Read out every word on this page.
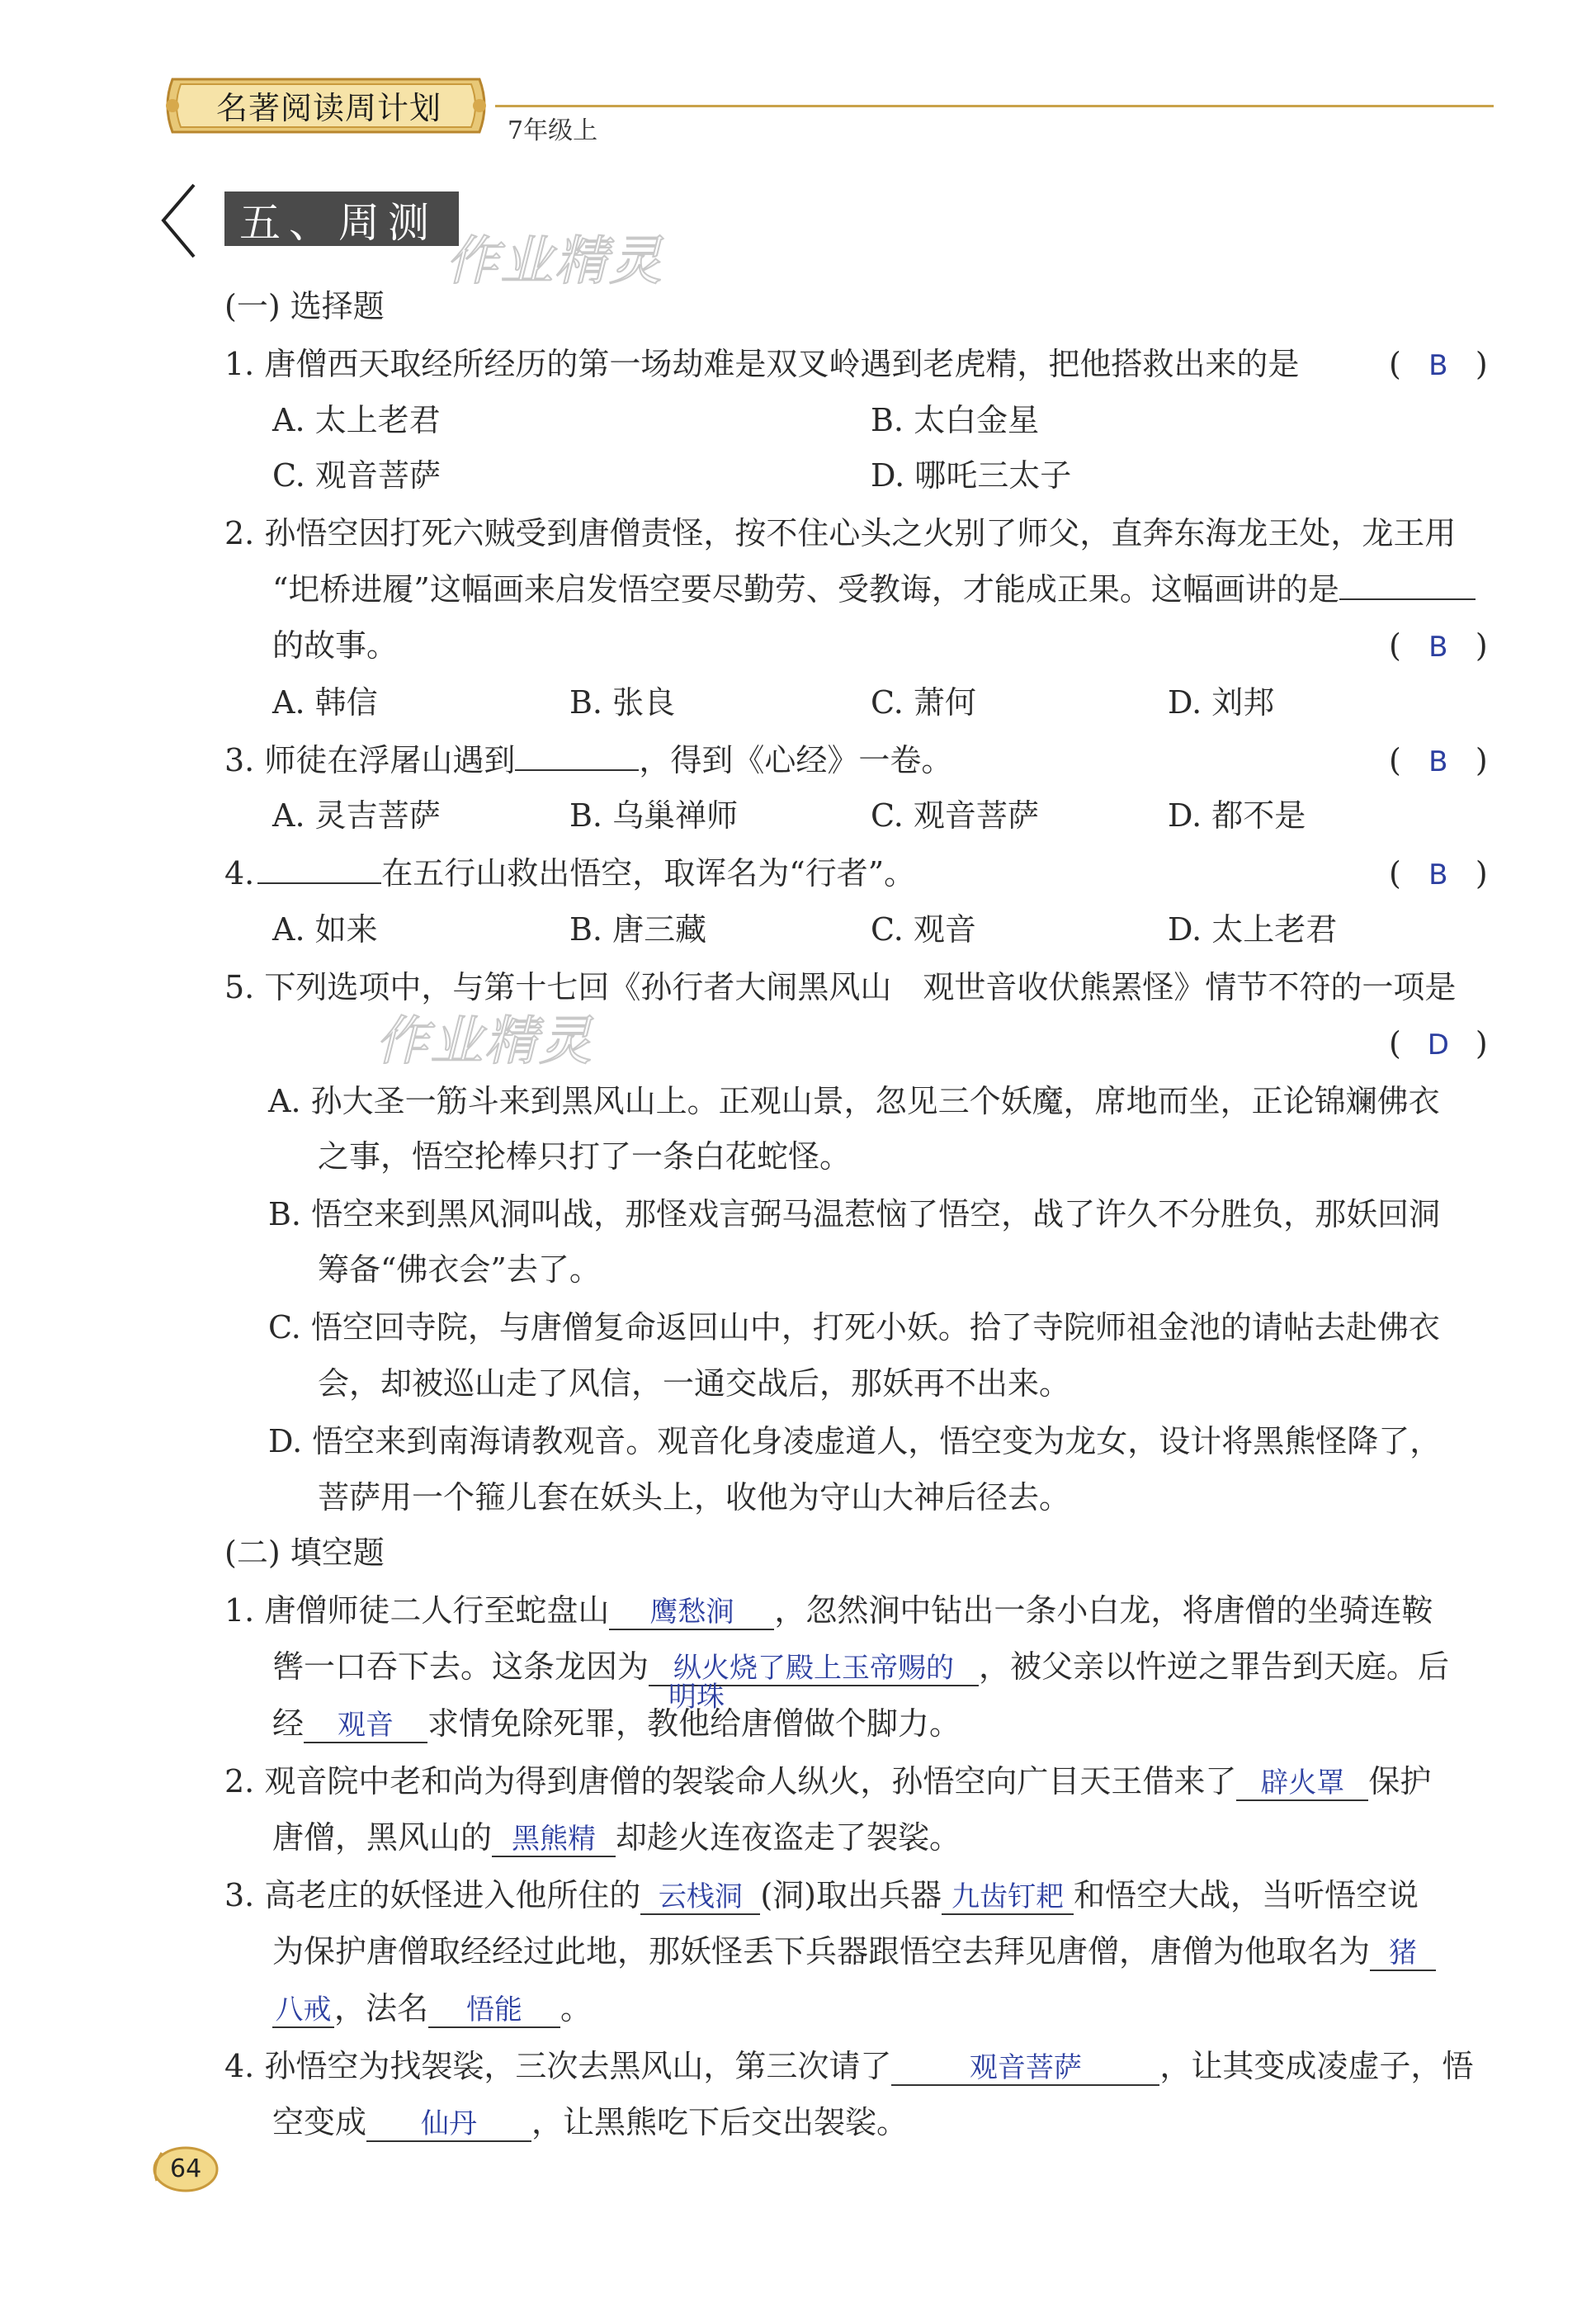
名著阅读周计划
7年级上
五、周测
作业精灵
作业精灵
(一) 选择题
1. 唐僧西天取经所经历的第一场劫难是双叉岭遇到老虎精，把他搭救出来的是	( B )
A. 太上老君	B. 太白金星
C. 观音菩萨	D. 哪吒三太子
2. 孙悟空因打死六贼受到唐僧责怪，按不住心头之火别了师父，直奔东海龙王处，龙王用
“圯桥进履”这幅画来启发悟空要尽勤劳、受教诲，才能成正果。这幅画讲的是
的故事。	( B )
A. 韩信	B. 张良	C. 萧何	D. 刘邦
3. 师徒在浮屠山遇到	，得到《心经》一卷。	( B )
A. 灵吉菩萨	B. 乌巢禅师	C. 观音菩萨	D. 都不是
4.	在五行山救出悟空，取诨名为“行者”。	( B )
A. 如来	B. 唐三藏	C. 观音	D. 太上老君
5. 下列选项中，与第十七回《孙行者大闹黑风山　观世音收伏熊罴怪》情节不符的一项是
( D )
A. 孙大圣一筋斗来到黑风山上。正观山景，忽见三个妖魔，席地而坐，正论锦斓佛衣
之事，悟空抡棒只打了一条白花蛇怪。
B. 悟空来到黑风洞叫战，那怪戏言弼马温惹恼了悟空，战了许久不分胜负，那妖回洞
筹备“佛衣会”去了。
C. 悟空回寺院，与唐僧复命返回山中，打死小妖。拾了寺院师祖金池的请帖去赴佛衣
会，却被巡山走了风信，一通交战后，那妖再不出来。
D. 悟空来到南海请教观音。观音化身凌虚道人，悟空变为龙女，设计将黑熊怪降了，
菩萨用一个箍儿套在妖头上，收他为守山大神后径去。
(二) 填空题
1. 唐僧师徒二人行至蛇盘山 鹰愁涧 ，忽然涧中钻出一条小白龙，将唐僧的坐骑连鞍
辔一口吞下去。这条龙因为 纵火烧了殿上玉帝赐的 ，被父亲以忤逆之罪告到天庭。后
明珠
经 观音 求情免除死罪，教他给唐僧做个脚力。
2. 观音院中老和尚为得到唐僧的袈裟命人纵火，孙悟空向广目天王借来了 辟火罩 保护
唐僧，黑风山的 黑熊精 却趁火连夜盗走了袈裟。
3. 高老庄的妖怪进入他所住的 云栈洞 (洞)取出兵器 九齿钉耙 和悟空大战，当听悟空说
为保护唐僧取经经过此地，那妖怪丢下兵器跟悟空去拜见唐僧，唐僧为他取名为 猪
八戒，法名 悟能 。
4. 孙悟空为找袈裟，三次去黑风山，第三次请了	观音菩萨 ，让其变成凌虚子，悟
空变成 仙丹 ，让黑熊吃下后交出袈裟。
64
